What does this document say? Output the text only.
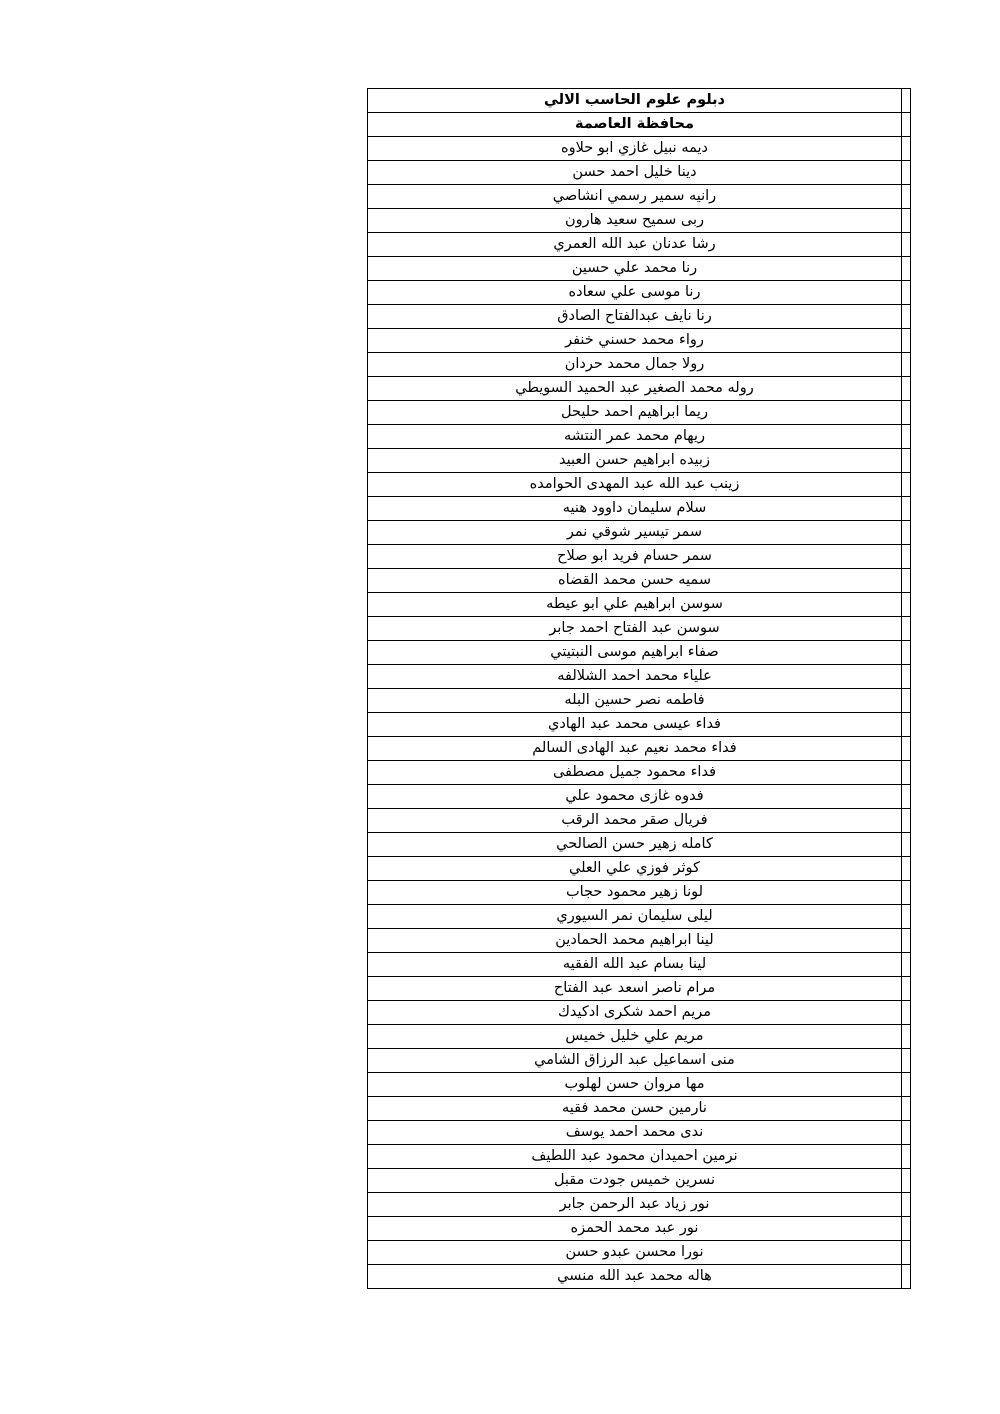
	دبلوم علوم الحاسب الالي
	محافظة العاصمة
	ديمه نبيل غازي ابو حلاوه
	دينا خليل احمد حسن
	رانيه سمير رسمي انشاصي
	ربى سميح سعيد هارون
	رشا عدنان عبد الله العمري
	رنا محمد علي حسين
	رنا موسى علي سعاده
	رنا نايف عبدالفتاح الصادق
	رواء محمد حسني خنفر
	رولا جمال محمد حردان
	روله محمد الصغير عبد الحميد السويطي
	ريما ابراهيم احمد حليحل
	ريهام محمد عمر النتشه
	زبيده ابراهيم حسن العبيد
	زينب عبد الله عبد المهدى الحوامده
	سلام سليمان داوود هنيه
	سمر تيسير شوقي نمر
	سمر حسام فريد ابو صلاح
	سميه حسن محمد القضاه
	سوسن ابراهيم علي ابو عيطه
	سوسن عبد الفتاح احمد جابر
	صفاء ابراهيم موسى النبتيتي
	علياء محمد احمد الشلالفه
	فاطمه نصر حسين البله
	فداء عيسى محمد عبد الهادي
	فداء محمد نعيم عبد الهادى السالم
	فداء محمود جميل مصطفى
	فدوه غازى محمود علي
	فريال صقر محمد الرقب
	كامله زهير حسن الصالحي
	كوثر فوزي علي العلي
	لونا زهير محمود حجاب
	ليلى سليمان نمر السيوري
	لينا ابراهيم محمد الحمادين
	لينا بسام عبد الله الفقيه
	مرام ناصر اسعد عبد الفتاح
	مريم احمد شكرى ادكيدك
	مريم علي خليل خميس
	منى اسماعيل عبد الرزاق الشامي
	مها مروان حسن لهلوب
	نارمين حسن محمد فقيه
	ندى محمد احمد يوسف
	نرمين احميدان محمود عبد اللطيف
	نسرين خميس جودت مقبل
	نور زياد عبد الرحمن جابر
	نور عبد محمد الحمزه
	نورا محسن عبدو حسن
	هاله محمد عبد الله منسي
